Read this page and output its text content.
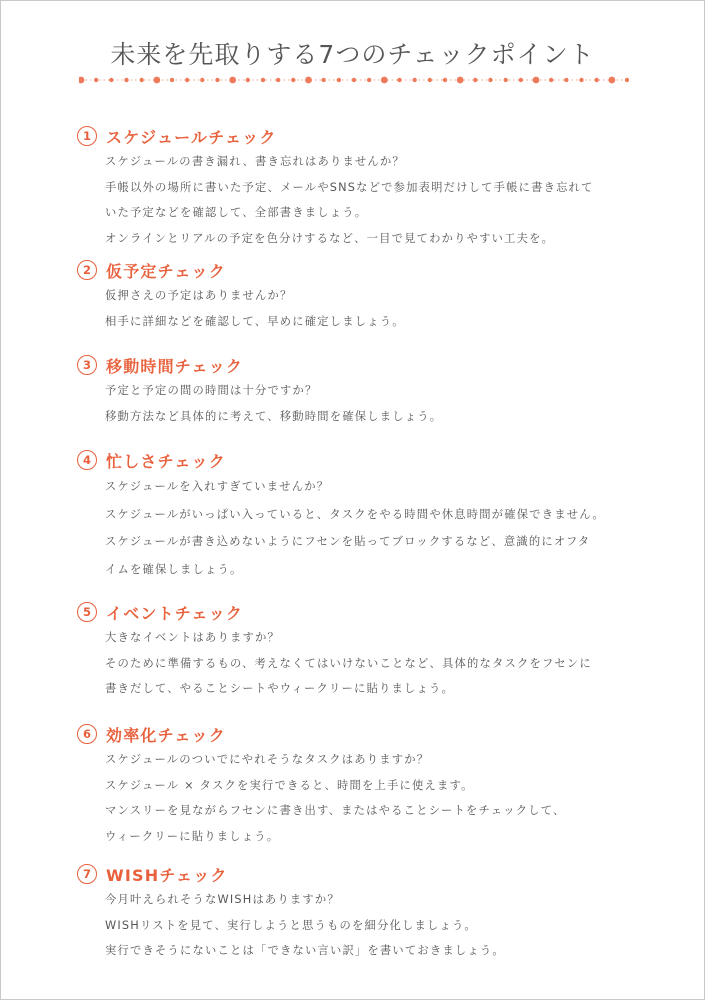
未来を先取りする7つのチェックポイント
1 スケジュールチェック
スケジュールの書き漏れ、書き忘れはありませんか？
手帳以外の場所に書いた予定、メールやSNSなどで参加表明だけして手帳に書き忘れて
いた予定などを確認して、全部書きましょう。
オンラインとリアルの予定を色分けするなど、一目で見てわかりやすい工夫を。
2 仮予定チェック
仮押さえの予定はありませんか？
相手に詳細などを確認して、早めに確定しましょう。
3 移動時間チェック
予定と予定の間の時間は十分ですか？
移動方法など具体的に考えて、移動時間を確保しましょう。
4 忙しさチェック
スケジュールを入れすぎていませんか？
スケジュールがいっぱい入っていると、タスクをやる時間や休息時間が確保できません。
スケジュールが書き込めないようにフセンを貼ってブロックするなど、意識的にオフタ
イムを確保しましょう。
5 イベントチェック
大きなイベントはありますか？
そのために準備するもの、考えなくてはいけないことなど、具体的なタスクをフセンに
書きだして、やることシートやウィークリーに貼りましょう。
6 効率化チェック
スケジュールのついでにやれそうなタスクはありますか？
スケジュール × タスクを実行できると、時間を上手に使えます。
マンスリーを見ながらフセンに書き出す、またはやることシートをチェックして、
ウィークリーに貼りましょう。
7 WISHチェック
今月叶えられそうなWISHはありますか？
WISHリストを見て、実行しようと思うものを細分化しましょう。
実行できそうにないことは「できない言い訳」を書いておきましょう。
